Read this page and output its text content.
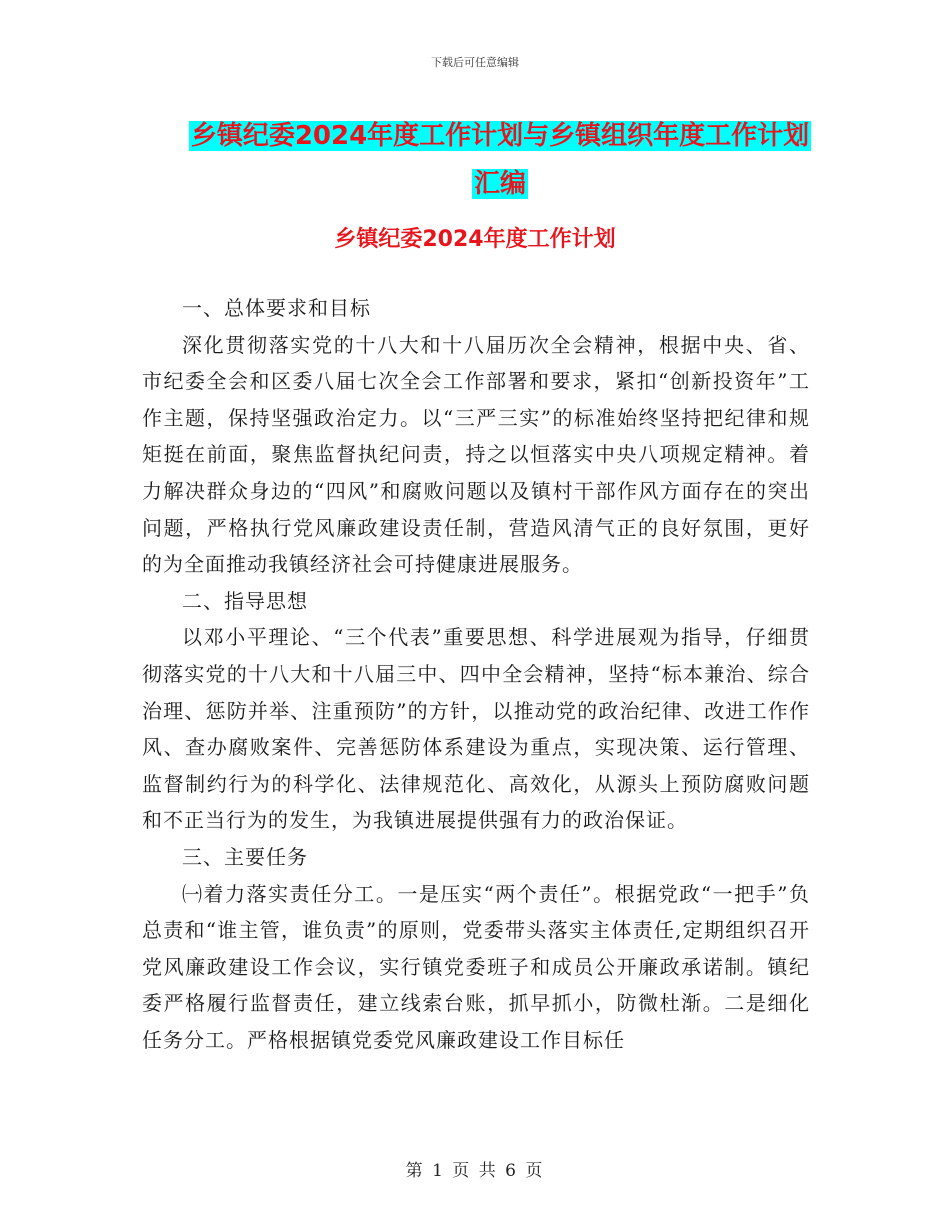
下载后可任意编辑
乡镇纪委2024年度工作计划与乡镇组织年度工作计划
汇编
乡镇纪委2024年度工作计划

一、总体要求和目标

深化贯彻落实党的十八大和十八届历次全会精神，根据中央、省、市纪委全会和区委八届七次全会工作部署和要求，紧扣“创新投资年”工作主题，保持坚强政治定力。以“三严三实”的标准始终坚持把纪律和规矩挺在前面，聚焦监督执纪问责，持之以恒落实中央八项规定精神。着力解决群众身边的“四风”和腐败问题以及镇村干部作风方面存在的突出问题，严格执行党风廉政建设责任制，营造风清气正的良好氛围，更好的为全面推动我镇经济社会可持健康进展服务。

二、指导思想

以邓小平理论、“三个代表”重要思想、科学进展观为指导，仔细贯彻落实党的十八大和十八届三中、四中全会精神，坚持“标本兼治、综合治理、惩防并举、注重预防”的方针，以推动党的政治纪律、改进工作作风、查办腐败案件、完善惩防体系建设为重点，实现决策、运行管理、监督制约行为的科学化、法律规范化、高效化，从源头上预防腐败问题和不正当行为的发生，为我镇进展提供强有力的政治保证。

三、主要任务

㈠着力落实责任分工。一是压实“两个责任”。根据党政“一把手”负总责和“谁主管，谁负责”的原则，党委带头落实主体责任,定期组织召开党风廉政建设工作会议，实行镇党委班子和成员公开廉政承诺制。镇纪委严格履行监督责任，建立线索台账，抓早抓小，防微杜渐。二是细化任务分工。严格根据镇党委党风廉政建设工作目标任

第 1 页 共 6 页
